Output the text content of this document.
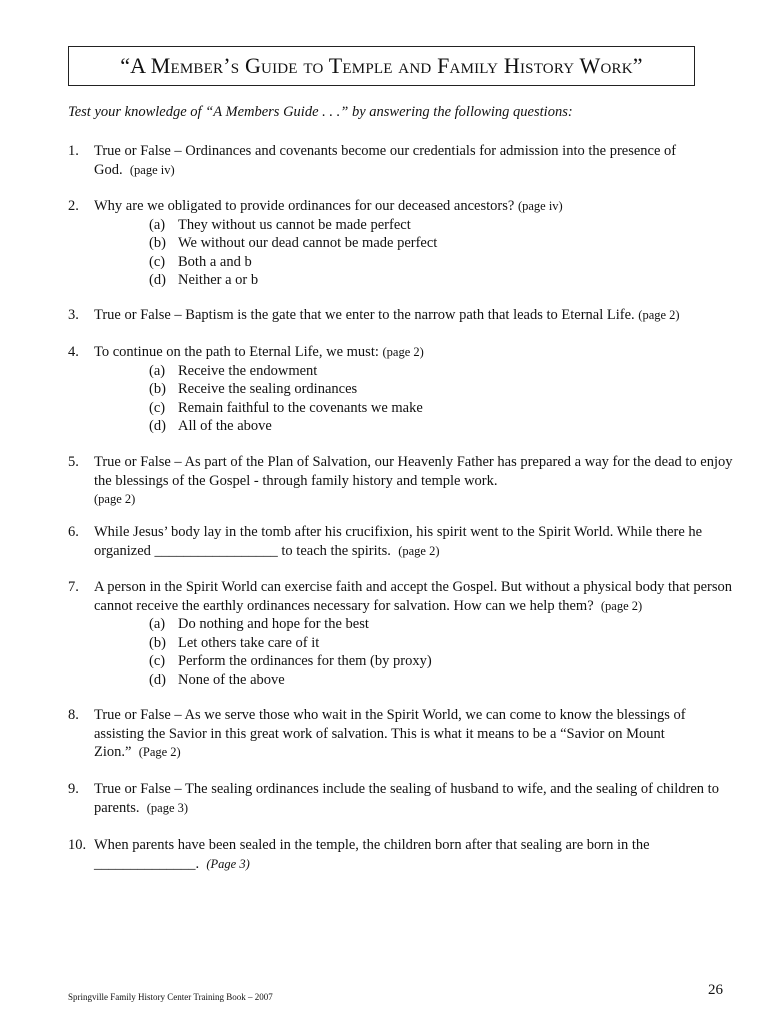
“A Member’s Guide to Temple and Family History Work”
Test your knowledge of “A Members Guide . . .” by answering the following questions:
1. True or False – Ordinances and covenants become our credentials for admission into the presence of God. (page iv)
2. Why are we obligated to provide ordinances for our deceased ancestors? (page iv)
(a) They without us cannot be made perfect
(b) We without our dead cannot be made perfect
(c) Both a and b
(d) Neither a or b
3. True or False – Baptism is the gate that we enter to the narrow path that leads to Eternal Life. (page 2)
4. To continue on the path to Eternal Life, we must: (page 2)
(a) Receive the endowment
(b) Receive the sealing ordinances
(c) Remain faithful to the covenants we make
(d) All of the above
5. True or False – As part of the Plan of Salvation, our Heavenly Father has prepared a way for the dead to enjoy the blessings of the Gospel - through family history and temple work.
(page 2)
6. While Jesus’ body lay in the tomb after his crucifixion, his spirit went to the Spirit World. While there he organized _________________ to teach the spirits. (page 2)
7. A person in the Spirit World can exercise faith and accept the Gospel. But without a physical body that person cannot receive the earthly ordinances necessary for salvation. How can we help them? (page 2)
(a) Do nothing and hope for the best
(b) Let others take care of it
(c) Perform the ordinances for them (by proxy)
(d) None of the above
8. True or False – As we serve those who wait in the Spirit World, we can come to know the blessings of assisting the Savior in this great work of salvation. This is what it means to be a “Savior on Mount Zion.” (Page 2)
9. True or False – The sealing ordinances include the sealing of husband to wife, and the sealing of children to parents. (page 3)
10. When parents have been sealed in the temple, the children born after that sealing are born in the ______________. (Page 3)
Springville Family History Center Training Book – 2007	26
